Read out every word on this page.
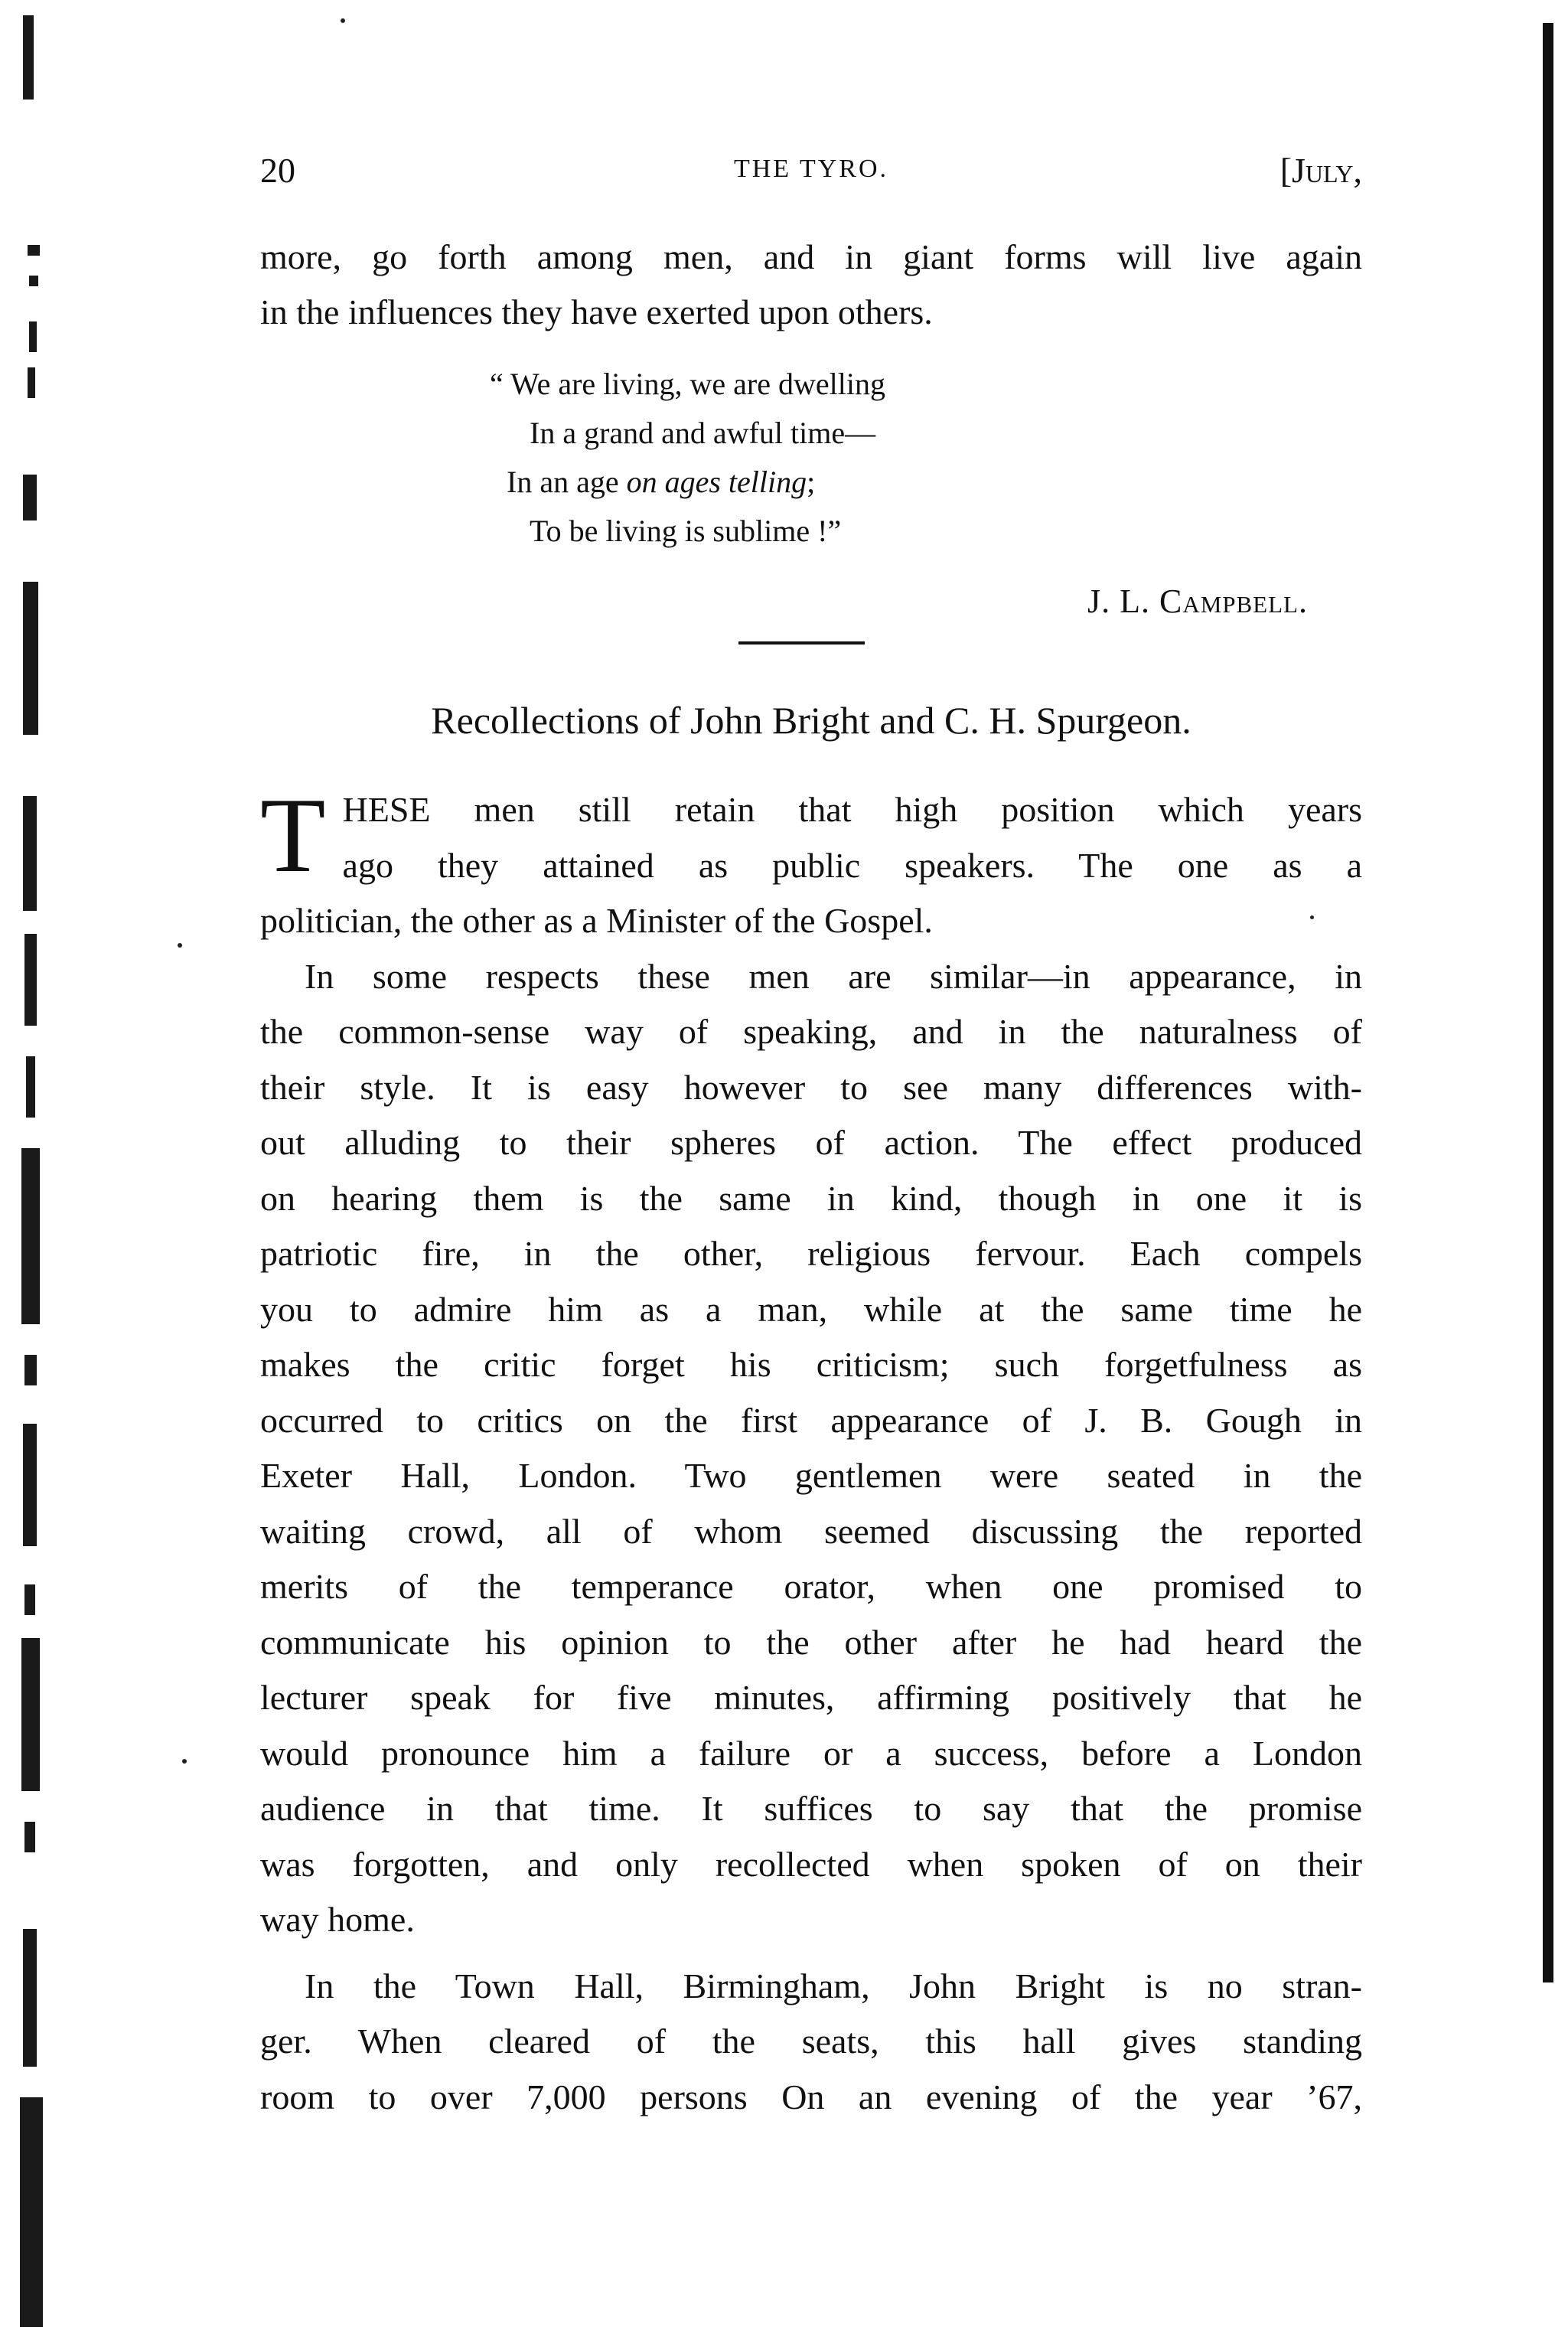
20	THE TYRO.	[July,
more, go forth among men, and in giant forms will live again
in the influences they have exerted upon others.
“ We are living, we are dwelling
In a grand and awful time—
In an age on ages telling;
To be living is sublime !”
J. L. Campbell.
Recollections of John Bright and C. H. Spurgeon.
T HESE men still retain that high position which years
ago they attained as public speakers. The one as a
politician, the other as a Minister of the Gospel.
In some respects these men are similar—in appearance, in
the common-sense way of speaking, and in the naturalness of
their style. It is easy however to see many differences with-
out alluding to their spheres of action. The effect produced
on hearing them is the same in kind, though in one it is
patriotic fire, in the other, religious fervour. Each compels
you to admire him as a man, while at the same time he
makes the critic forget his criticism; such forgetfulness as
occurred to critics on the first appearance of J. B. Gough in
Exeter Hall, London. Two gentlemen were seated in the
waiting crowd, all of whom seemed discussing the reported
merits of the temperance orator, when one promised to
communicate his opinion to the other after he had heard the
lecturer speak for five minutes, affirming positively that he
would pronounce him a failure or a success, before a London
audience in that time. It suffices to say that the promise
was forgotten, and only recollected when spoken of on their
way home.
In the Town Hall, Birmingham, John Bright is no stran-
ger. When cleared of the seats, this hall gives standing
room to over 7,000 persons On an evening of the year ’67,
